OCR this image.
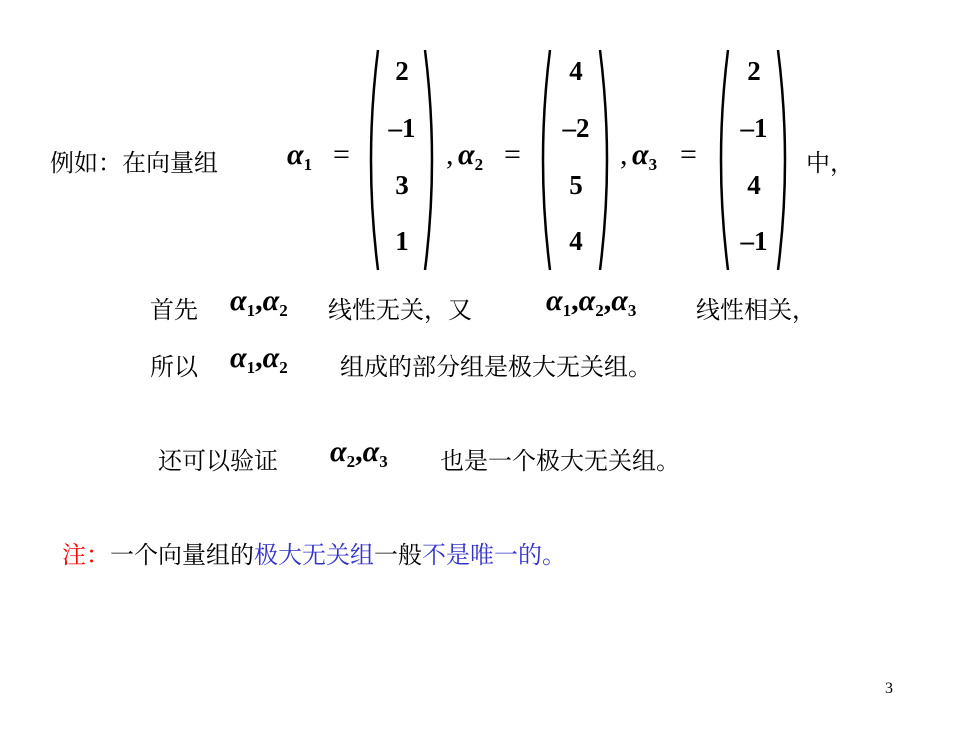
例如：在向量组 $\alpha_1$ =
2
–1
3
1
, $\alpha_2$ =
4
–2
5
4
, $\alpha_3$ =
2
–1
4
–1
中，
首先 $\alpha_1,\alpha_2$ 线性无关，又 $\alpha_1,\alpha_2,\alpha_3$ 线性相关，
所以 $\alpha_1,\alpha_2$ 组成的部分组是极大无关组。
还可以验证 $\alpha_2,\alpha_3$ 也是一个极大无关组。
注：一个向量组的极大无关组一般不是唯一的。
3
